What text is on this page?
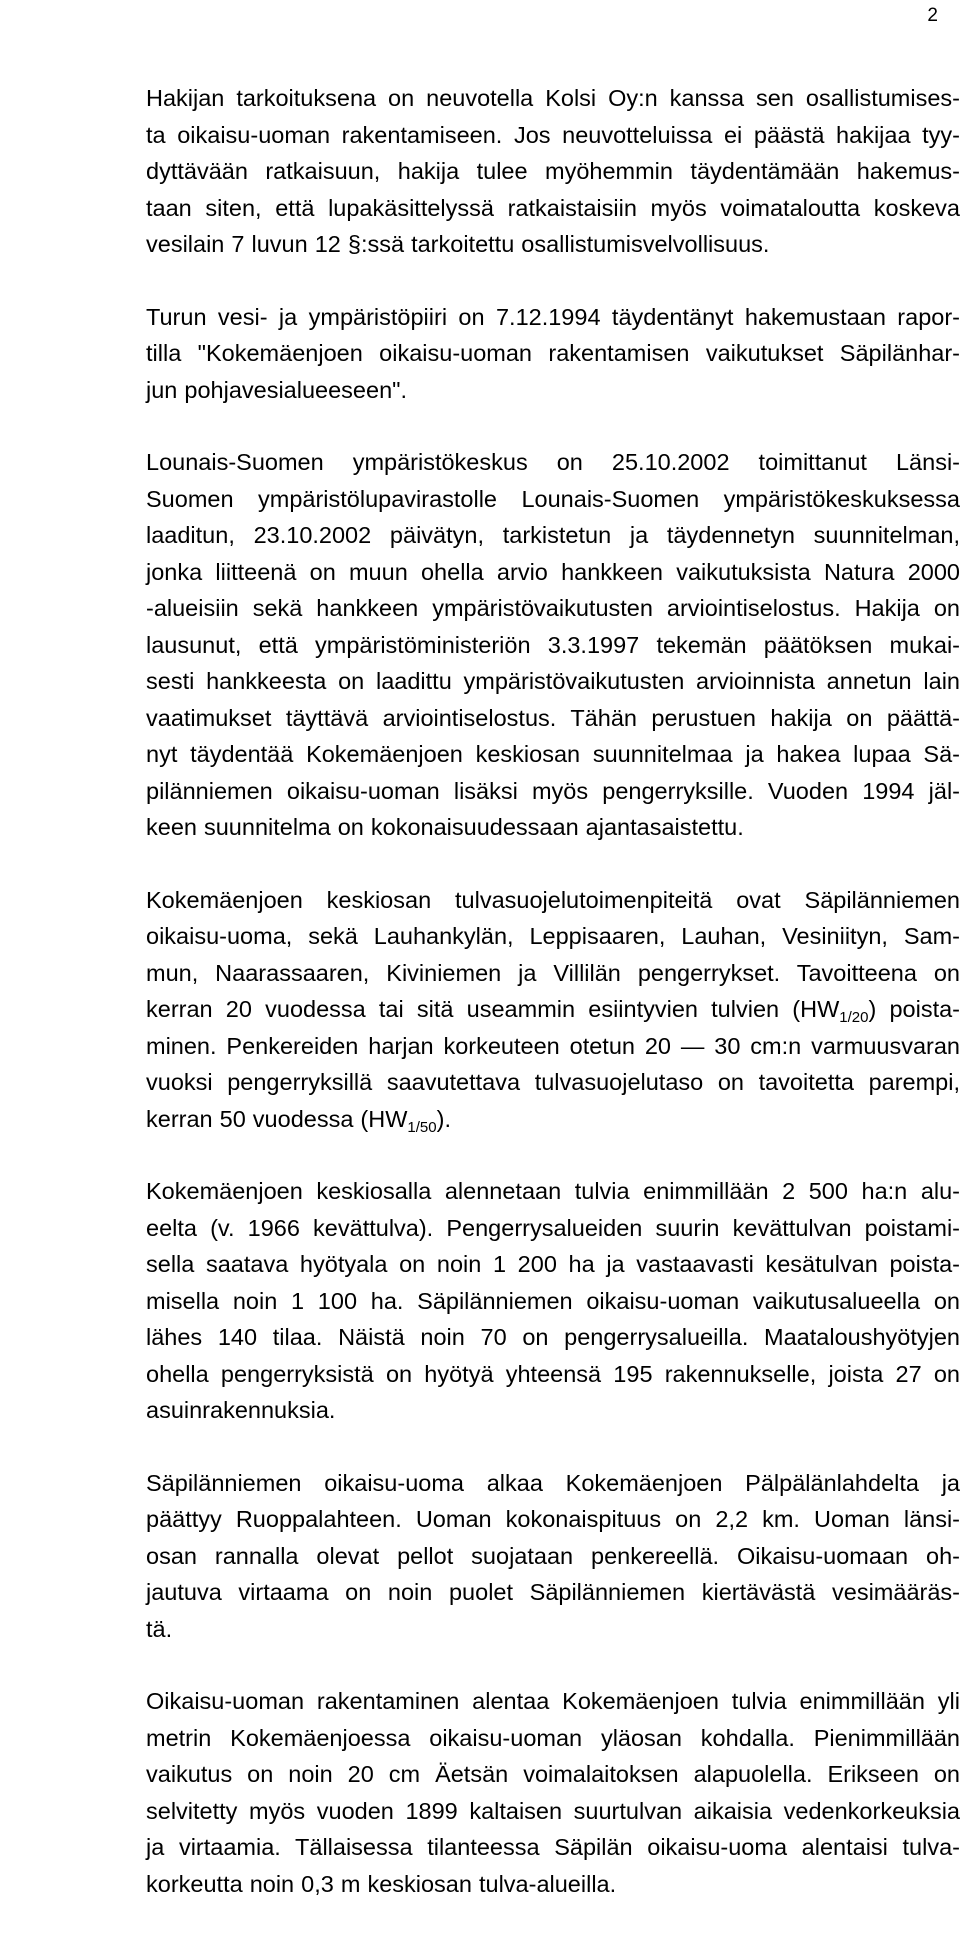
2
Hakijan tarkoituksena on neuvotella Kolsi Oy:n kanssa sen osallistumises-
ta oikaisu-uoman rakentamiseen. Jos neuvotteluissa ei päästä hakijaa tyy-
dyttävään ratkaisuun, hakija tulee myöhemmin täydentämään hakemus-
taan siten, että lupakäsittelyssä ratkaistaisiin myös voimataloutta koskeva
vesilain 7 luvun 12 §:ssä tarkoitettu osallistumisvelvollisuus.
Turun vesi- ja ympäristöpiiri on 7.12.1994 täydentänyt hakemustaan rapor-
tilla "Kokemäenjoen oikaisu-uoman rakentamisen vaikutukset Säpilänhar-
jun pohjavesialueeseen".
Lounais-Suomen ympäristökeskus on 25.10.2002 toimittanut Länsi-
Suomen ympäristölupavirastolle Lounais-Suomen ympäristökeskuksessa
laaditun, 23.10.2002 päivätyn, tarkistetun ja täydennetyn suunnitelman,
jonka liitteenä on muun ohella arvio hankkeen vaikutuksista Natura 2000
-alueisiin sekä hankkeen ympäristövaikutusten arviointiselostus. Hakija on
lausunut, että ympäristöministeriön 3.3.1997 tekemän päätöksen mukai-
sesti hankkeesta on laadittu ympäristövaikutusten arvioinnista annetun lain
vaatimukset täyttävä arviointiselostus. Tähän perustuen hakija on päättä-
nyt täydentää Kokemäenjoen keskiosan suunnitelmaa ja hakea lupaa Sä-
pilänniemen oikaisu-uoman lisäksi myös pengerryksille. Vuoden 1994 jäl-
keen suunnitelma on kokonaisuudessaan ajantasaistettu.
Kokemäenjoen keskiosan tulvasuojelutoimenpiteitä ovat Säpilänniemen
oikaisu-uoma, sekä Lauhankylän, Leppisaaren, Lauhan, Vesiniityn, Sam-
mun, Naarassaaren, Kiviniemen ja Villilän pengerrykset. Tavoitteena on
kerran 20 vuodessa tai sitä useammin esiintyvien tulvien $(HW_{1/20})$ poista-
minen. Penkereiden harjan korkeuteen otetun 20 — 30 cm:n varmuusvaran
vuoksi pengerryksillä saavutettava tulvasuojelutaso on tavoitetta parempi,
kerran 50 vuodessa $(HW_{1/50})$.
Kokemäenjoen keskiosalla alennetaan tulvia enimmillään 2 500 ha:n alu-
eelta (v. 1966 kevättulva). Pengerrysalueiden suurin kevättulvan poistami-
sella saatava hyötyala on noin 1 200 ha ja vastaavasti kesätulvan poista-
misella noin 1 100 ha. Säpilänniemen oikaisu-uoman vaikutusalueella on
lähes 140 tilaa. Näistä noin 70 on pengerrysalueilla. Maataloushyötyjen
ohella pengerryksistä on hyötyä yhteensä 195 rakennukselle, joista 27 on
asuinrakennuksia.
Säpilänniemen oikaisu-uoma alkaa Kokemäenjoen Pälpälänlahdelta ja
päättyy Ruoppalahteen. Uoman kokonaispituus on 2,2 km. Uoman länsi-
osan rannalla olevat pellot suojataan penkereellä. Oikaisu-uomaan oh-
jautuva virtaama on noin puolet Säpilänniemen kiertävästä vesimääräs-
tä.
Oikaisu-uoman rakentaminen alentaa Kokemäenjoen tulvia enimmillään yli
metrin Kokemäenjoessa oikaisu-uoman yläosan kohdalla. Pienimmillään
vaikutus on noin 20 cm Äetsän voimalaitoksen alapuolella. Erikseen on
selvitetty myös vuoden 1899 kaltaisen suurtulvan aikaisia vedenkorkeuksia
ja virtaamia. Tällaisessa tilanteessa Säpilän oikaisu-uoma alentaisi tulva-
korkeutta noin 0,3 m keskiosan tulva-alueilla.
